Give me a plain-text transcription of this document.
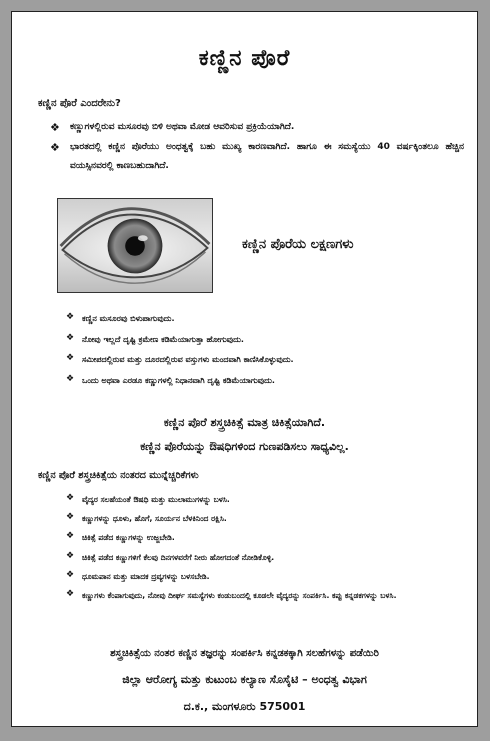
ಕಣ್ಣಿನ ಪೊರೆ
ಕಣ್ಣಿನ ಪೊರೆ ಎಂದರೇನು?
❖ ಕಣ್ಣುಗಳಲ್ಲಿರುವ ಮಸೂರವು ಬಿಳಿ ಅಥವಾ ಮೋಡ ಆವರಿಸುವ ಪ್ರಕ್ರಿಯೆಯಾಗಿದೆ.
❖ ಭಾರತದಲ್ಲಿ ಕಣ್ಣಿನ ಪೊರೆಯು ಅಂಧತ್ವಕ್ಕೆ ಬಹು ಮುಖ್ಯ ಕಾರಣವಾಗಿದೆ. ಹಾಗೂ ಈ ಸಮಸ್ಯೆಯು 40 ವರ್ಷಕ್ಕಿಂತಲೂ ಹೆಚ್ಚಿನ ವಯಸ್ಸಿನವರಲ್ಲಿ ಕಾಣಬಹುದಾಗಿದೆ.
ಕಣ್ಣಿನ ಪೊರೆಯ ಲಕ್ಷಣಗಳು
❖ ಕಣ್ಣಿನ ಮಸೂರವು ಬಿಳುಪಾಗುವುದು.
❖ ನೋವು ಇಲ್ಲದೆ ದೃಷ್ಟಿ ಕ್ರಮೇಣ ಕಡಿಮೆಯಾಗುತ್ತಾ ಹೋಗುವುದು.
❖ ಸಮೀಪದಲ್ಲಿರುವ ಮತ್ತು ದೂರದಲ್ಲಿರುವ ವಸ್ತುಗಳು ಮಂದವಾಗಿ ಕಾಣಿಸಿಕೊಳ್ಳುವುದು.
❖ ಒಂದು ಅಥವಾ ಎರಡೂ ಕಣ್ಣುಗಳಲ್ಲಿ ನಿಧಾನವಾಗಿ ದೃಷ್ಟಿ ಕಡಿಮೆಯಾಗುವುದು.
ಕಣ್ಣಿನ ಪೊರೆ ಶಸ್ತ್ರಚಿಕಿತ್ಸೆ ಮಾತ್ರ ಚಿಕಿತ್ಸೆಯಾಗಿದೆ.
ಕಣ್ಣಿನ ಪೊರೆಯನ್ನು ಔಷಧಿಗಳಿಂದ ಗುಣಪಡಿಸಲು ಸಾಧ್ಯವಿಲ್ಲ.
ಕಣ್ಣಿನ ಪೊರೆ ಶಸ್ತ್ರಚಿಕಿತ್ಸೆಯ ನಂತರದ ಮುನ್ನೆಚ್ಚರಿಕೆಗಳು
❖ ವೈದ್ಯರ ಸಲಹೆಯಂತೆ ಔಷಧಿ ಮತ್ತು ಮುಲಾಮುಗಳನ್ನು ಬಳಸಿ.
❖ ಕಣ್ಣುಗಳನ್ನು ಧೂಳು, ಹೊಗೆ, ಸೂರ್ಯನ ಬೆಳಕಿನಿಂದ ರಕ್ಷಿಸಿ.
❖ ಚಿಕಿತ್ಸೆ ಪಡೆದ ಕಣ್ಣುಗಳನ್ನು ಉಜ್ಜಬೇಡಿ.
❖ ಚಿಕಿತ್ಸೆ ಪಡೆದ ಕಣ್ಣುಗಳಿಗೆ ಕೆಲವು ದಿನಗಳವರೆಗೆ ನೀರು ಹೋಗದಂತೆ ನೋಡಿಕೊಳ್ಳಿ.
❖ ಧೂಮಪಾನ ಮತ್ತು ಮಾದಕ ದ್ರವ್ಯಗಳನ್ನು ಬಳಸಬೇಡಿ.
❖ ಕಣ್ಣುಗಳು ಕೆಂಪಾಗುವುದು, ನೋವು ದೀರ್ಘ ಸಮಸ್ಯೆಗಳು ಕಂಡುಬಂದಲ್ಲಿ ಕೂಡಲೇ ವೈದ್ಯರನ್ನು ಸಂಪರ್ಕಿಸಿ. ಕಪ್ಪು ಕನ್ನಡಕಗಳನ್ನು ಬಳಸಿ.
ಶಸ್ತ್ರಚಿಕಿತ್ಸೆಯ ನಂತರ ಕಣ್ಣಿನ ತಜ್ಞರನ್ನು ಸಂಪರ್ಕಿಸಿ ಕನ್ನಡಕಕ್ಕಾಗಿ ಸಲಹೆಗಳನ್ನು ಪಡೆಯಿರಿ
ಜಿಲ್ಲಾ ಆರೋಗ್ಯ ಮತ್ತು ಕುಟುಂಬ ಕಲ್ಯಾಣ ಸೊಸೈಟಿ – ಅಂಧತ್ವ ವಿಭಾಗ
ದ.ಕ., ಮಂಗಳೂರು 575001
